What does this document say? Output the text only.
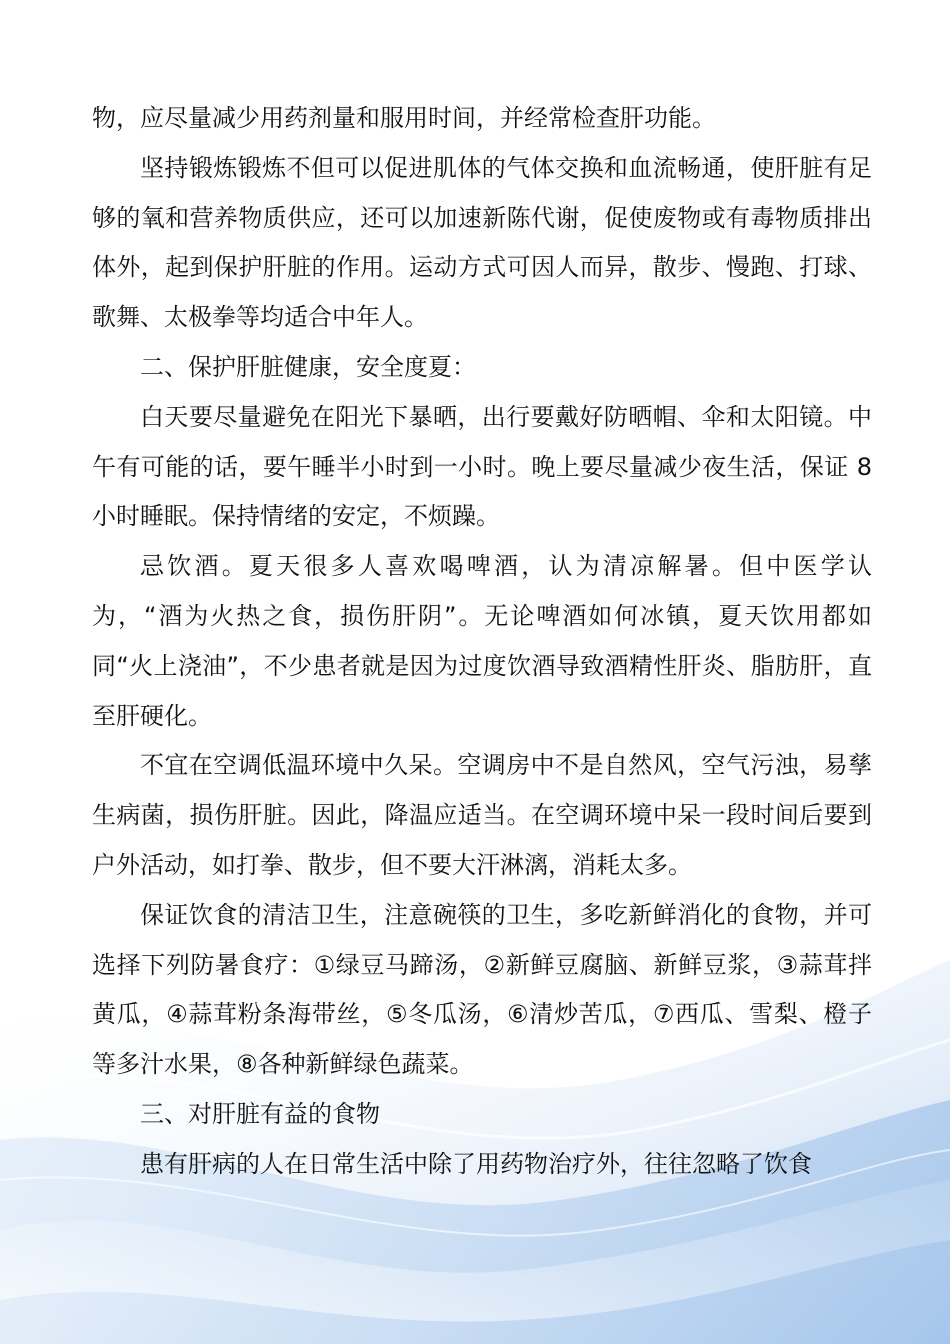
物，应尽量减少用药剂量和服用时间，并经常检查肝功能。

坚持锻炼锻炼不但可以促进肌体的气体交换和血流畅通，使肝脏有足够的氧和营养物质供应，还可以加速新陈代谢，促使废物或有毒物质排出体外，起到保护肝脏的作用。运动方式可因人而异，散步、慢跑、打球、歌舞、太极拳等均适合中年人。

二、保护肝脏健康，安全度夏：

白天要尽量避免在阳光下暴晒，出行要戴好防晒帽、伞和太阳镜。中午有可能的话，要午睡半小时到一小时。晚上要尽量减少夜生活，保证 8 小时睡眠。保持情绪的安定，不烦躁。

忌饮酒。夏天很多人喜欢喝啤酒，认为清凉解暑。但中医学认为，“酒为火热之食，损伤肝阴”。无论啤酒如何冰镇，夏天饮用都如同“火上浇油”，不少患者就是因为过度饮酒导致酒精性肝炎、脂肪肝，直至肝硬化。

不宜在空调低温环境中久呆。空调房中不是自然风，空气污浊，易孳生病菌，损伤肝脏。因此，降温应适当。在空调环境中呆一段时间后要到户外活动，如打拳、散步，但不要大汗淋漓，消耗太多。

保证饮食的清洁卫生，注意碗筷的卫生，多吃新鲜消化的食物，并可选择下列防暑食疗：①绿豆马蹄汤，②新鲜豆腐脑、新鲜豆浆，③蒜茸拌黄瓜，④蒜茸粉条海带丝，⑤冬瓜汤，⑥清炒苦瓜，⑦西瓜、雪梨、橙子等多汁水果，⑧各种新鲜绿色蔬菜。

三、对肝脏有益的食物

患有肝病的人在日常生活中除了用药物治疗外，往往忽略了饮食
